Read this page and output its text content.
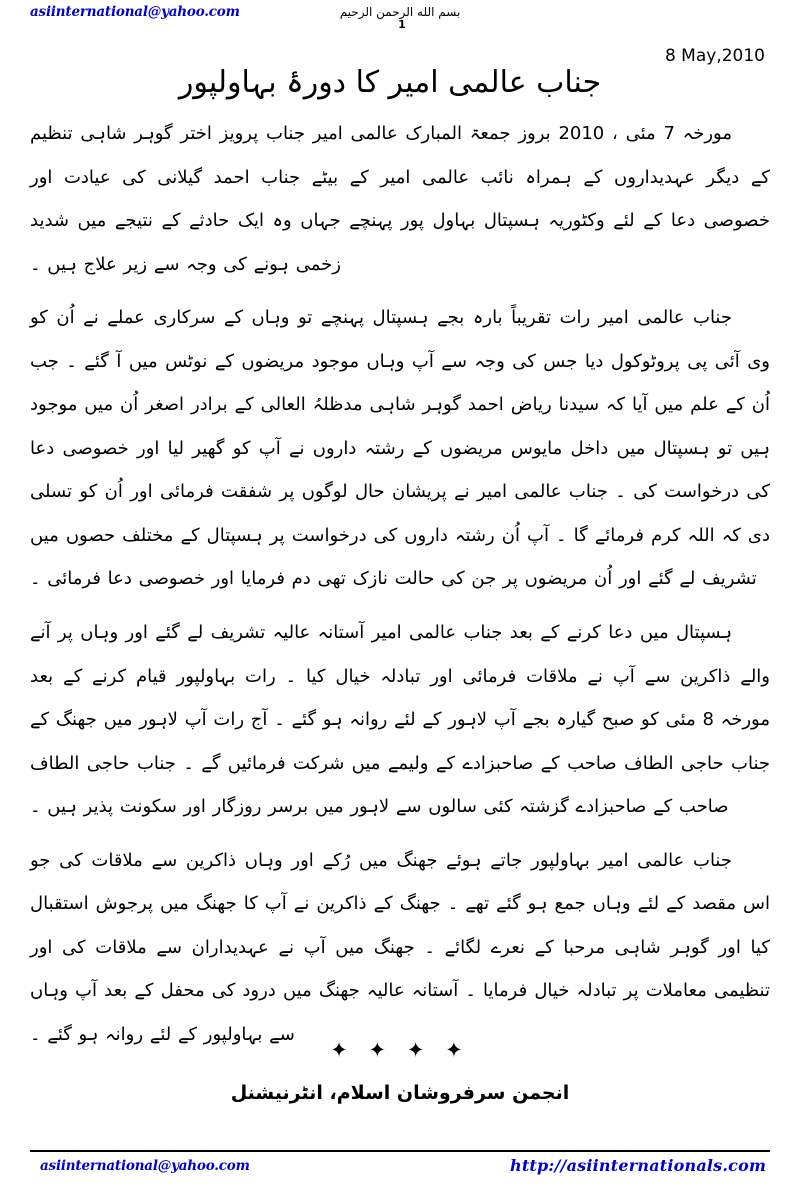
asiinternational@yahoo.com	بسم الله الرحمن الرحيم
1
8 May,2010
جناب عالمی امیر کا دورۂ بہاولپور

مورخہ 7 مئی ، 2010 بروز جمعۃ المبارک عالمی امیر جناب پرویز اختر گوہر شاہی تنظیم کے دیگر عہدیداروں کے ہمراہ نائب عالمی امیر کے بیٹے جناب احمد گیلانی کی عیادت اور خصوصی دعا کے لئے وکٹوریہ ہسپتال بہاول پور پہنچے جہاں وہ ایک حادثے کے نتیجے میں شدید زخمی ہونے کی وجہ سے زیر علاج ہیں ۔

جناب عالمی امیر رات تقریباً بارہ بجے ہسپتال پہنچے تو وہاں کے سرکاری عملے نے اُن کو وی آئی پی پروٹوکول دیا جس کی وجہ سے آپ وہاں موجود مریضوں کے نوٹس میں آ گئے ۔ جب اُن کے علم میں آیا کہ سیدنا ریاض احمد گوہر شاہی مدظلہُ العالی کے برادر اصغر اُن میں موجود ہیں تو ہسپتال میں داخل مایوس مریضوں کے رشتہ داروں نے آپ کو گھیر لیا اور خصوصی دعا کی درخواست کی ۔ جناب عالمی امیر نے پریشان حال لوگوں پر شفقت فرمائی اور اُن کو تسلی دی کہ اللہ کرم فرمائے گا ۔ آپ اُن رشتہ داروں کی درخواست پر ہسپتال کے مختلف حصوں میں تشریف لے گئے اور اُن مریضوں پر جن کی حالت نازک تھی دم فرمایا اور خصوصی دعا فرمائی ۔

ہسپتال میں دعا کرنے کے بعد جناب عالمی امیر آستانہ عالیہ تشریف لے گئے اور وہاں پر آنے والے ذاکرین سے آپ نے ملاقات فرمائی اور تبادلہ خیال کیا ۔ رات بہاولپور قیام کرنے کے بعد مورخہ 8 مئی کو صبح گیارہ بجے آپ لاہور کے لئے روانہ ہو گئے ۔ آج رات آپ لاہور میں جھنگ کے جناب حاجی الطاف صاحب کے صاحبزادے کے ولیمے میں شرکت فرمائیں گے ۔ جناب حاجی الطاف صاحب کے صاحبزادے گزشتہ کئی سالوں سے لاہور میں برسر روزگار اور سکونت پذیر ہیں ۔

جناب عالمی امیر بہاولپور جاتے ہوئے جھنگ میں رُکے اور وہاں ذاکرین سے ملاقات کی جو اس مقصد کے لئے وہاں جمع ہو گئے تھے ۔ جھنگ کے ذاکرین نے آپ کا جھنگ میں پرجوش استقبال کیا اور گوہر شاہی مرحبا کے نعرے لگائے ۔ جھنگ میں آپ نے عہدیداران سے ملاقات کی اور تنظیمی معاملات پر تبادلہ خیال فرمایا ۔ آستانہ عالیہ جھنگ میں درود کی محفل کے بعد آپ وہاں سے بہاولپور کے لئے روانہ ہو گئے ۔

✦ ✦ ✦ ✦
انجمن سرفروشان اسلام، انٹرنیشنل
asiinternational@yahoo.com	http://asiinternationals.com
